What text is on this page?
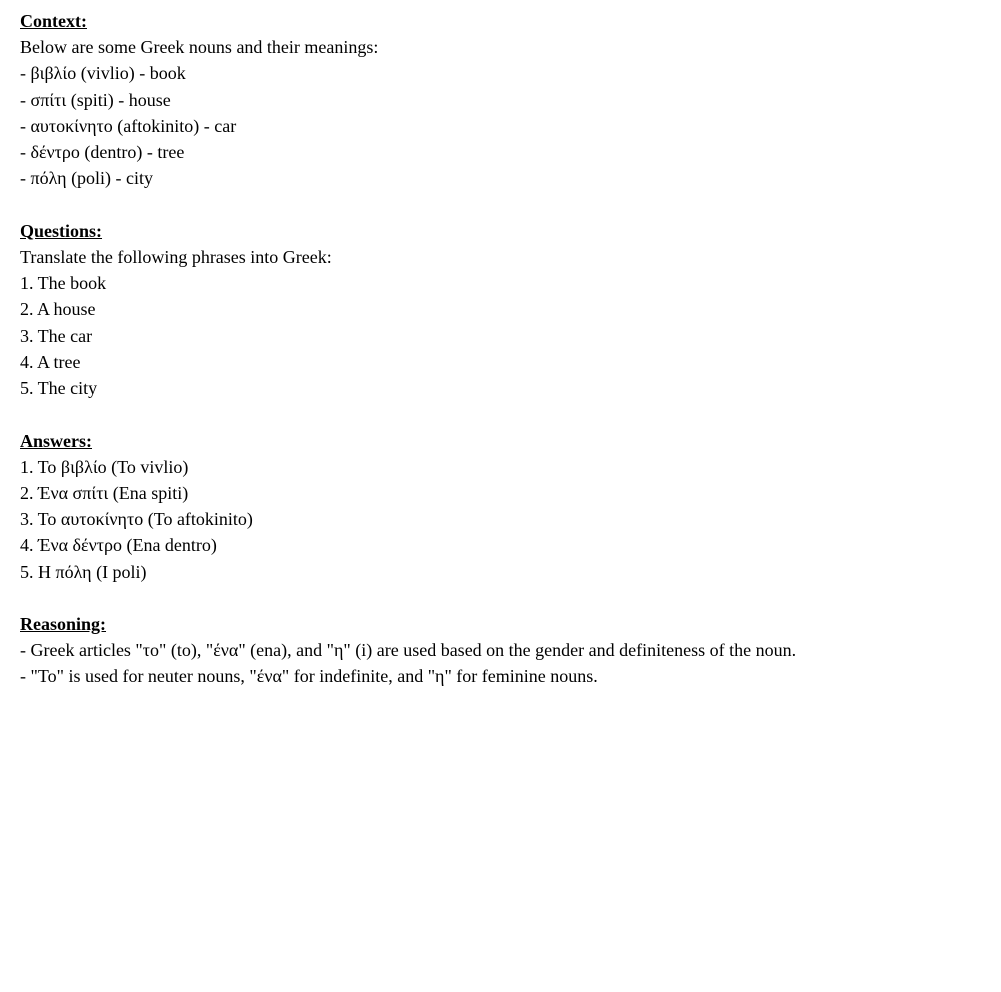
Context:
Below are some Greek nouns and their meanings:
- βιβλίο (vivlio) - book
- σπίτι (spiti) - house
- αυτοκίνητο (aftokinito) - car
- δέντρο (dentro) - tree
- πόλη (poli) - city
Questions:
Translate the following phrases into Greek:
1. The book
2. A house
3. The car
4. A tree
5. The city
Answers:
1. Το βιβλίο (To vivlio)
2. Ένα σπίτι (Ena spiti)
3. Το αυτοκίνητο (To aftokinito)
4. Ένα δέντρο (Ena dentro)
5. Η πόλη (I poli)
Reasoning:
- Greek articles "το" (to), "ένα" (ena), and "η" (i) are used based on the gender and definiteness of the noun.
- "Το" is used for neuter nouns, "ένα" for indefinite, and "η" for feminine nouns.
